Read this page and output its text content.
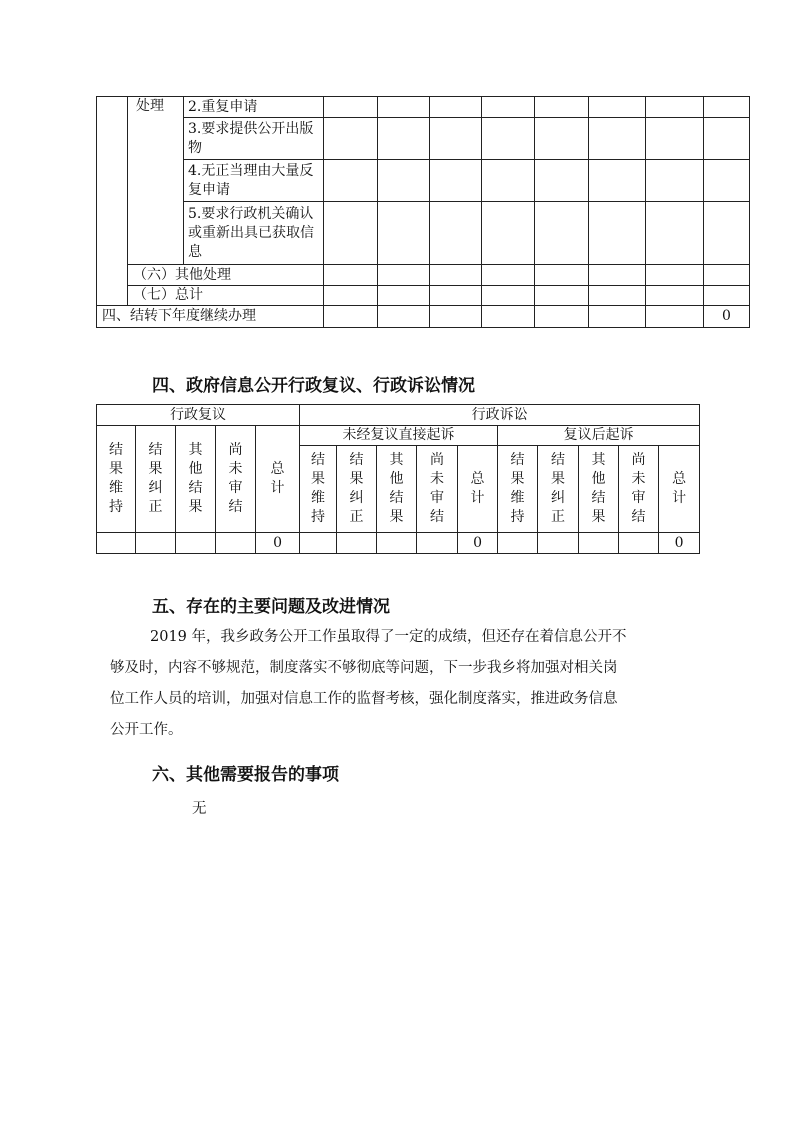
	处理	2.重复申请								
		3.要求提供公开出版物								
		4.无正当理由大量反复申请								
		5.要求行政机关确认或重新出具已获取信息								
	（六）其他处理									
	（七）总计									
四、结转下年度继续办理										0
四、政府信息公开行政复议、行政诉讼情况
行政复议					行政诉讼									

结果维持	结果纠正	其他结果	尚未审结	总计	未经复议直接起诉					复议后起诉				

					结果维持	结果纠正	其他结果	尚未审结	总计	结果维持	结果纠正	其他结果	尚未审结	总计

				0					0					0
五、存在的主要问题及改进情况
2019 年，我乡政务公开工作虽取得了一定的成绩，但还存在着信息公开不
够及时，内容不够规范，制度落实不够彻底等问题，下一步我乡将加强对相关岗
位工作人员的培训，加强对信息工作的监督考核，强化制度落实，推进政务信息
公开工作。
六、其他需要报告的事项
无
